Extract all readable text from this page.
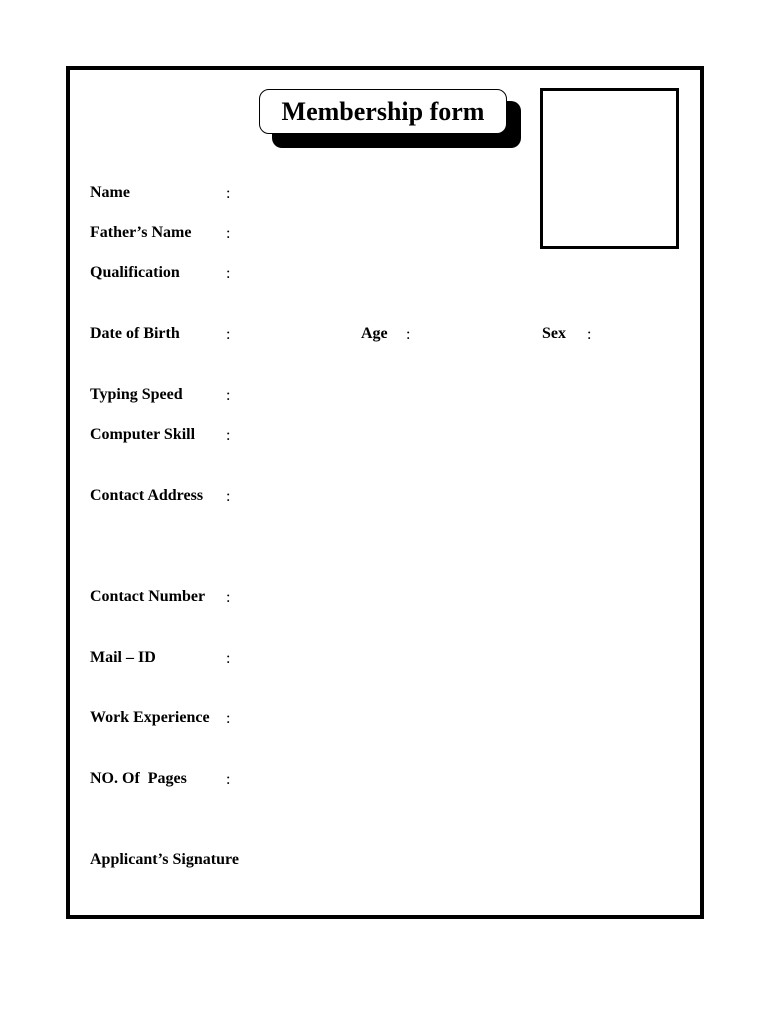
Membership form
Name	:
Father’s Name :
Qualification	:
Date of Birth	:	Age :	Sex :
Typing Speed	:
Computer Skill :
Contact Address :
Contact Number :
Mail – ID	:
Work Experience :
NO. Of  Pages :
Applicant’s Signature
